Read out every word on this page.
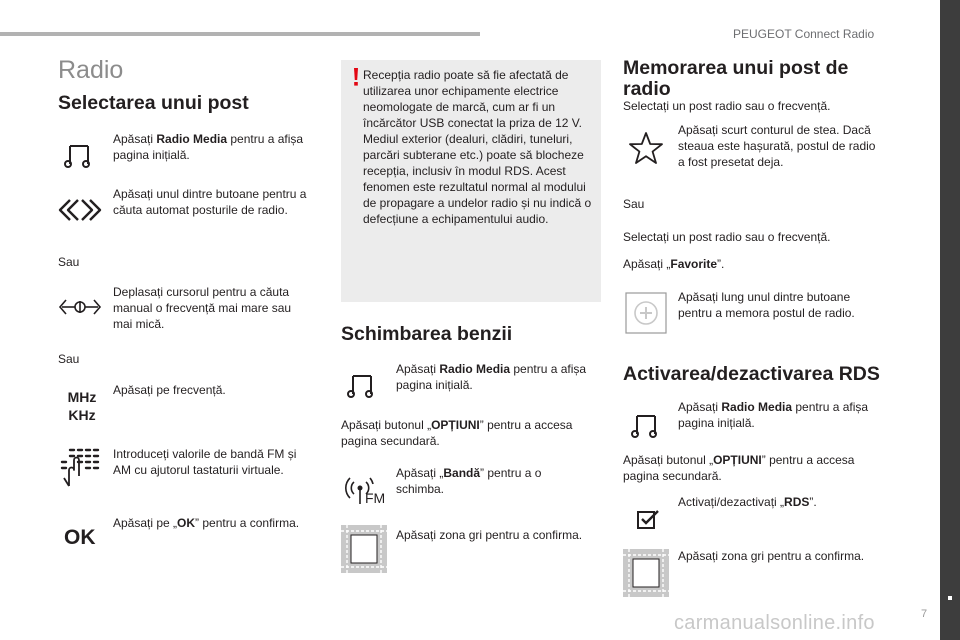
PEUGEOT Connect Radio
7
Radio
Selectarea unui post
Apăsați Radio Media pentru a afișa pagina inițială.
Apăsați unul dintre butoane pentru a căuta automat posturile de radio.
Sau
Deplasați cursorul pentru a căuta manual o frecvență mai mare sau mai mică.
Sau
MHz
KHz
Apăsați pe frecvență.
Introduceți valorile de bandă FM și AM cu ajutorul tastaturii virtuale.
OK
Apăsați pe „OK” pentru a confirma.
Recepția radio poate să fie afectată de utilizarea unor echipamente electrice neomologate de marcă, cum ar fi un încărcător USB conectat la priza de 12 V. Mediul exterior (dealuri, clădiri, tuneluri, parcări subterane etc.) poate să blocheze recepția, inclusiv în modul RDS. Acest fenomen este rezultatul normal al modului de propagare a undelor radio și nu indică o defecțiune a echipamentului audio.
Schimbarea benzii
Apăsați Radio Media pentru a afișa pagina inițială.
Apăsați butonul „OPȚIUNI” pentru a accesa pagina secundară.
FM
Apăsați „Bandă” pentru a o schimba.
Apăsați zona gri pentru a confirma.
Memorarea unui post de radio
Selectați un post radio sau o frecvență.
Apăsați scurt conturul de stea. Dacă steaua este hașurată, postul de radio a fost presetat deja.
Sau
Selectați un post radio sau o frecvență.
Apăsați „Favorite”.
Apăsați lung unul dintre butoane pentru a memora postul de radio.
Activarea/dezactivarea RDS
Apăsați Radio Media pentru a afișa pagina inițială.
Apăsați butonul „OPȚIUNI” pentru a accesa pagina secundară.
Activați/dezactivați „RDS”.
Apăsați zona gri pentru a confirma.
carmanualsonline.info
